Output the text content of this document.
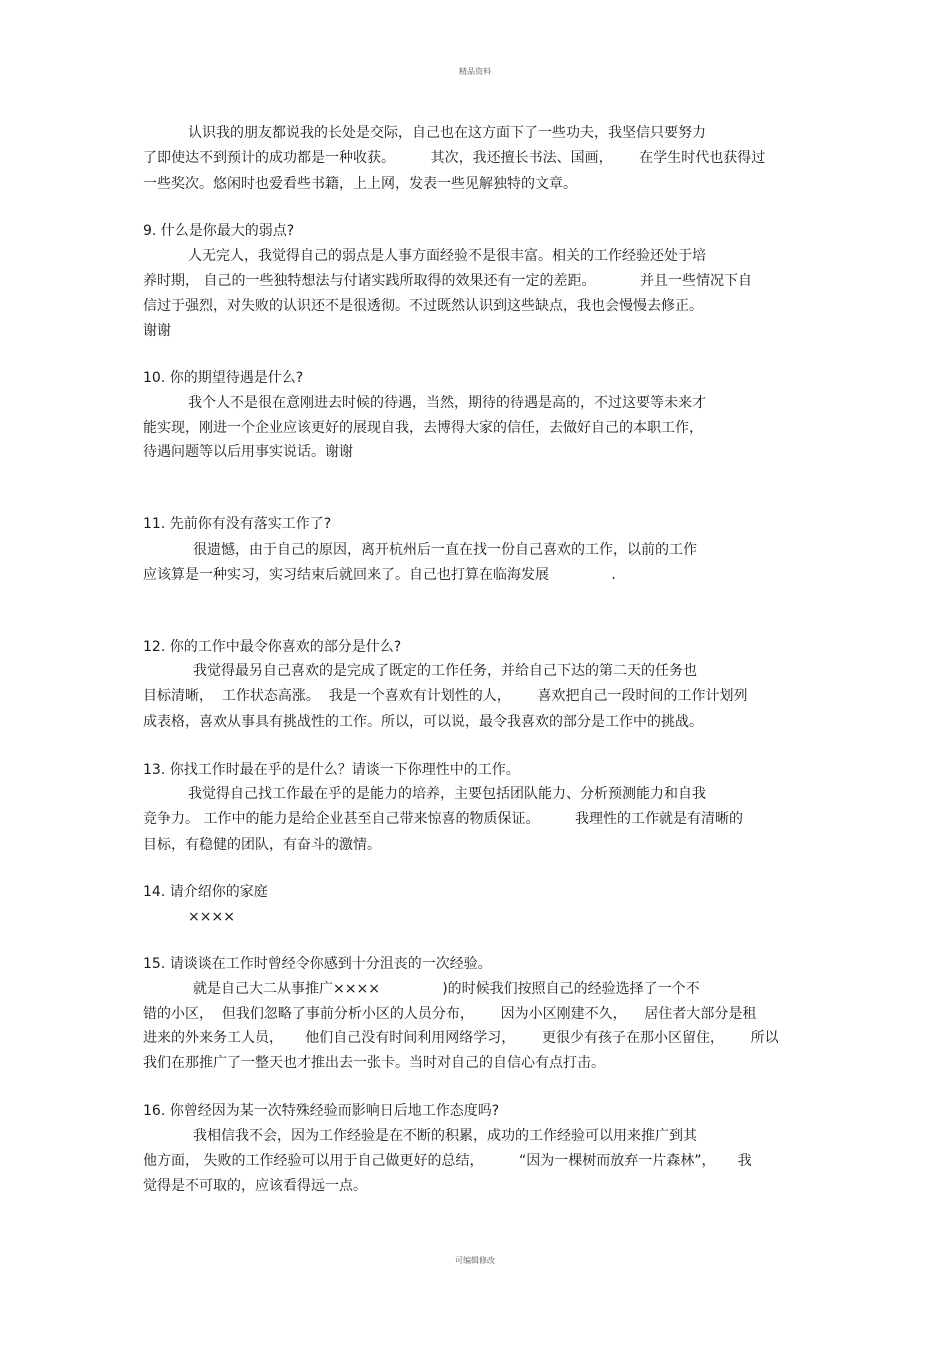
精品资料
认识我的朋友都说我的长处是交际，自己也在这方面下了一些功夫，我坚信只要努力
了即使达不到预计的成功都是一种收获。        其次，我还擅长书法、国画，      在学生时代也获得过
一些奖次。悠闲时也爱看些书籍，上上网，发表一些见解独特的文章。
9. 什么是你最大的弱点?
人无完人，我觉得自己的弱点是人事方面经验不是很丰富。相关的工作经验还处于培
养时期， 自己的一些独特想法与付诸实践所取得的效果还有一定的差距。          并且一些情况下自
信过于强烈，对失败的认识还不是很透彻。不过既然认识到这些缺点，我也会慢慢去修正。
谢谢
10. 你的期望待遇是什么?
我个人不是很在意刚进去时候的待遇，当然，期待的待遇是高的，不过这要等未来才
能实现，刚进一个企业应该更好的展现自我，去博得大家的信任，去做好自己的本职工作，
待遇问题等以后用事实说话。谢谢
11. 先前你有没有落实工作了?
很遗憾，由于自己的原因，离开杭州后一直在找一份自己喜欢的工作，以前的工作
应该算是一种实习，实习结束后就回来了。自己也打算在临海发展              .
12. 你的工作中最令你喜欢的部分是什么?
我觉得最另自己喜欢的是完成了既定的工作任务，并给自己下达的第二天的任务也
目标清晰，  工作状态高涨。  我是一个喜欢有计划性的人，      喜欢把自己一段时间的工作计划列
成表格，喜欢从事具有挑战性的工作。所以，可以说，最令我喜欢的部分是工作中的挑战。
13. 你找工作时最在乎的是什么？请谈一下你理性中的工作。
我觉得自己找工作最在乎的是能力的培养，主要包括团队能力、分析预测能力和自我
竞争力。 工作中的能力是给企业甚至自己带来惊喜的物质保证。        我理性的工作就是有清晰的
目标，有稳健的团队，有奋斗的激情。
14. 请介绍你的家庭
××××
15. 请谈谈在工作时曾经令你感到十分沮丧的一次经验。
就是自己大二从事推广××××              )的时候我们按照自己的经验选择了一个不
错的小区，  但我们忽略了事前分析小区的人员分布，      因为小区刚建不久，    居住者大部分是租
进来的外来务工人员，     他们自己没有时间利用网络学习，      更很少有孩子在那小区留住，      所以
我们在那推广了一整天也才推出去一张卡。当时对自己的自信心有点打击。
16. 你曾经因为某一次特殊经验而影响日后地工作态度吗?
我相信我不会，因为工作经验是在不断的积累，成功的工作经验可以用来推广到其
他方面， 失败的工作经验可以用于自己做更好的总结，        “因为一棵树而放弃一片森林”，     我
觉得是不可取的，应该看得远一点。
可编辑修改
